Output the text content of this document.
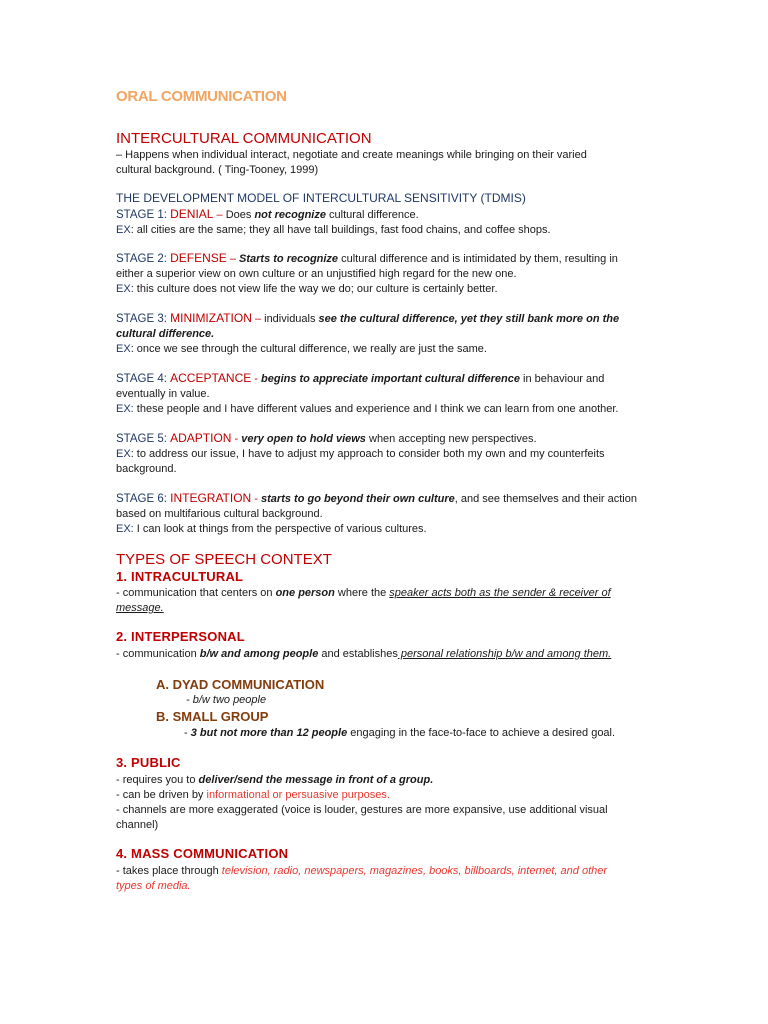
ORAL COMMUNICATION

INTERCULTURAL COMMUNICATION

– Happens when individual interact, negotiate and create meanings while bringing on their varied

cultural background. ( Ting-Tooney, 1999)

THE DEVELOPMENT MODEL OF INTERCULTURAL SENSITIVITY (TDMIS)

STAGE 1: DENIAL – Does not recognize cultural difference.

EX: all cities are the same; they all have tall buildings, fast food chains, and coffee shops.

STAGE 2: DEFENSE – Starts to recognize cultural difference and is intimidated by them, resulting in

either a superior view on own culture or an unjustified high regard for the new one.

EX: this culture does not view life the way we do; our culture is certainly better.

STAGE 3: MINIMIZATION – individuals see the cultural difference, yet they still bank more on the

cultural difference.

EX: once we see through the cultural difference, we really are just the same.

STAGE 4: ACCEPTANCE - begins to appreciate important cultural difference in behaviour and

eventually in value.

EX: these people and I have different values and experience and I think we can learn from one another.

STAGE 5: ADAPTION - very open to hold views when accepting new perspectives.

EX: to address our issue, I have to adjust my approach to consider both my own and my counterfeits

background.

STAGE 6: INTEGRATION - starts to go beyond their own culture, and see themselves and their action

based on multifarious cultural background.

EX: I can look at things from the perspective of various cultures.

TYPES OF SPEECH CONTEXT

1. INTRACULTURAL

- communication that centers on one person where the speaker acts both as the sender & receiver of

message.

2. INTERPERSONAL

- communication b/w and among people and establishes personal relationship b/w and among them.

A. DYAD COMMUNICATION

- b/w two people

B. SMALL GROUP

- 3 but not more than 12 people engaging in the face-to-face to achieve a desired goal.

3. PUBLIC

- requires you to deliver/send the message in front of a group.

- can be driven by informational or persuasive purposes.

- channels are more exaggerated (voice is louder, gestures are more expansive, use additional visual

channel)

4. MASS COMMUNICATION

- takes place through television, radio, newspapers, magazines, books, billboards, internet, and other

types of media.
